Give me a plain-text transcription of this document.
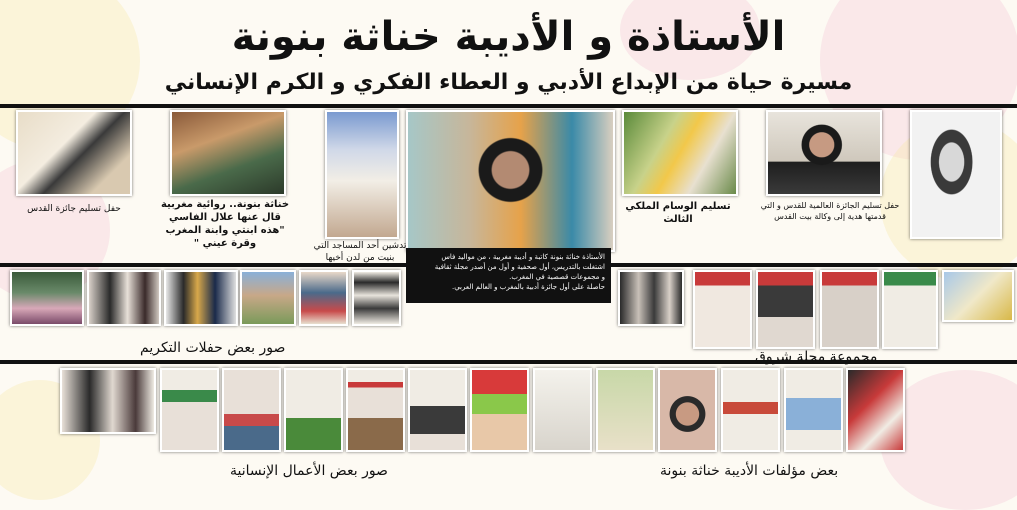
الأستاذة و الأديبة خناثة بنونة
مسيرة حياة من الإبداع الأدبي و العطاء الفكري و الكرم الإنساني
حفل تسليم جائزة القدس	خناثة بنونة.. روائية مغربية
قال عنها علال الفاسي
"هذه ابنتي وابنة المغرب
وقرة عيني "	تدشين أحد المساجد التي
بنيت من لدن أخيها	الأستاذة خناثة بنونة كاتبة و أديبة مغربية ، من مواليد فاس
اشتغلت بالتدريس، أول صحفية و أول من أصدر مجلة ثقافية
و مجموعات قصصية في المغرب.
حاصلة على أول جائزة أدبية بالمغرب و العالم العربي.
تسليم الوسام الملكي الثالث
حفل تسليم الجائزة العالمية للقدس و التي
قدمتها هدية إلى وكالة بيت القدس
صور بعض حفلات التكريم
مجموعة مجلة شروق
صور بعض الأعمال الإنسانية	بعض مؤلفات الأديبة خناثة بنونة
